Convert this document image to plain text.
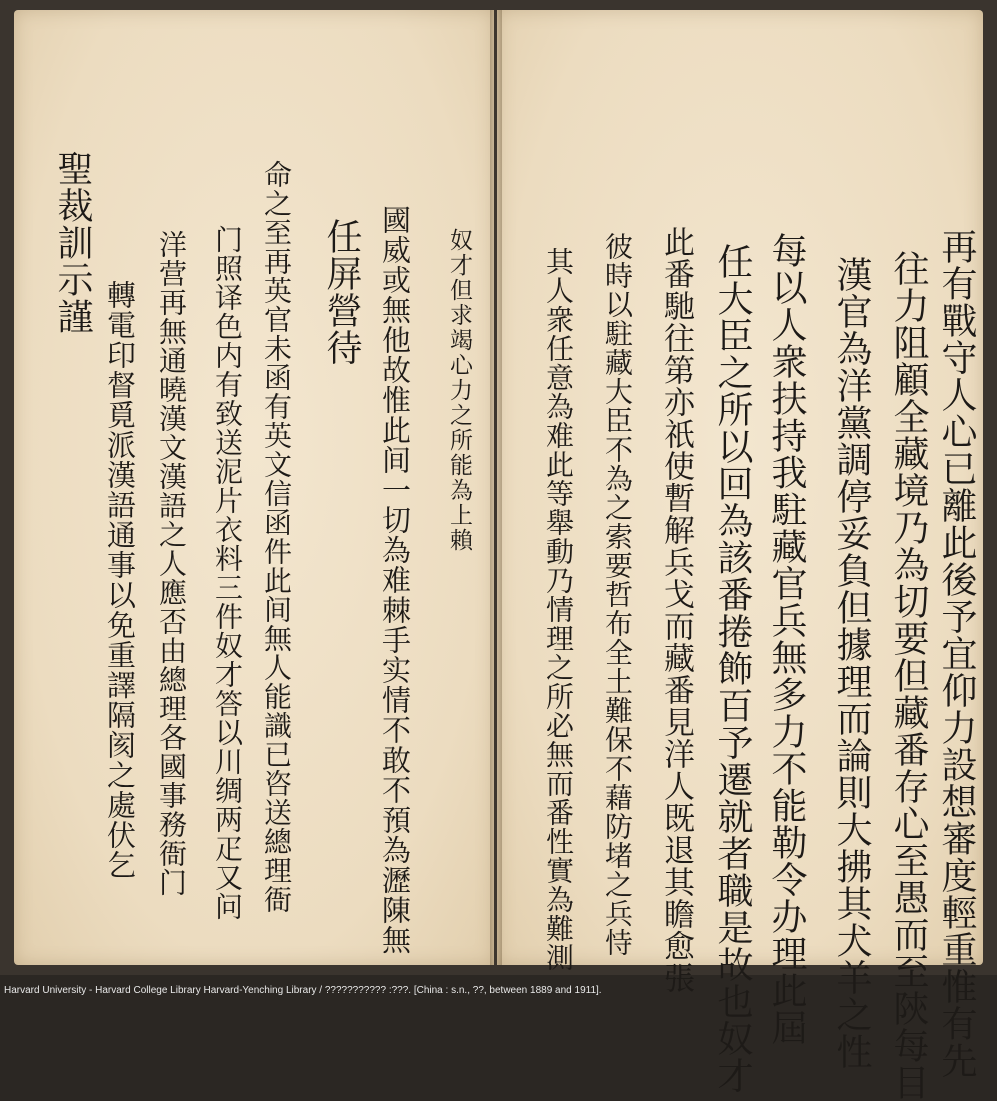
再有戰守人心已離此後予宜仰力設想審度輕重惟有先
往力阻顧全藏境乃為切要但藏番存心至愚而至陝每目
漢官為洋黨調停妥負但據理而論則大拂其犬羊之性
每以人衆扶持我駐藏官兵無多力不能勒令办理此屆
任大臣之所以回為該番捲飾百予遷就者職是故也奴才
此番馳往第亦祇使暫解兵戈而藏番見洋人既退其瞻愈張
彼時以駐藏大臣不為之索要哲布全土難保不藉防堵之兵恃
其人衆任意為难此等舉動乃情理之所必無而番性實為難測
奴才但求竭心力之所能為上賴
國威或無他故惟此间一切為难棘手实情不敢不預為瀝陳無
任屏營待
命之至再英官未函有英文信函件此间無人能識已咨送總理衙
门照译色内有致送泥片衣料三件奴才答以川绸两疋又问
洋营再無通曉漢文漢語之人應否由總理各國事務衙门
轉電印督覓派漢語通事以免重譯隔阂之處伏乞
聖裁訓示謹
Harvard University - Harvard College Library Harvard-Yenching Library / ??????????? :???. [China : s.n., ??, between 1889 and 1911].
